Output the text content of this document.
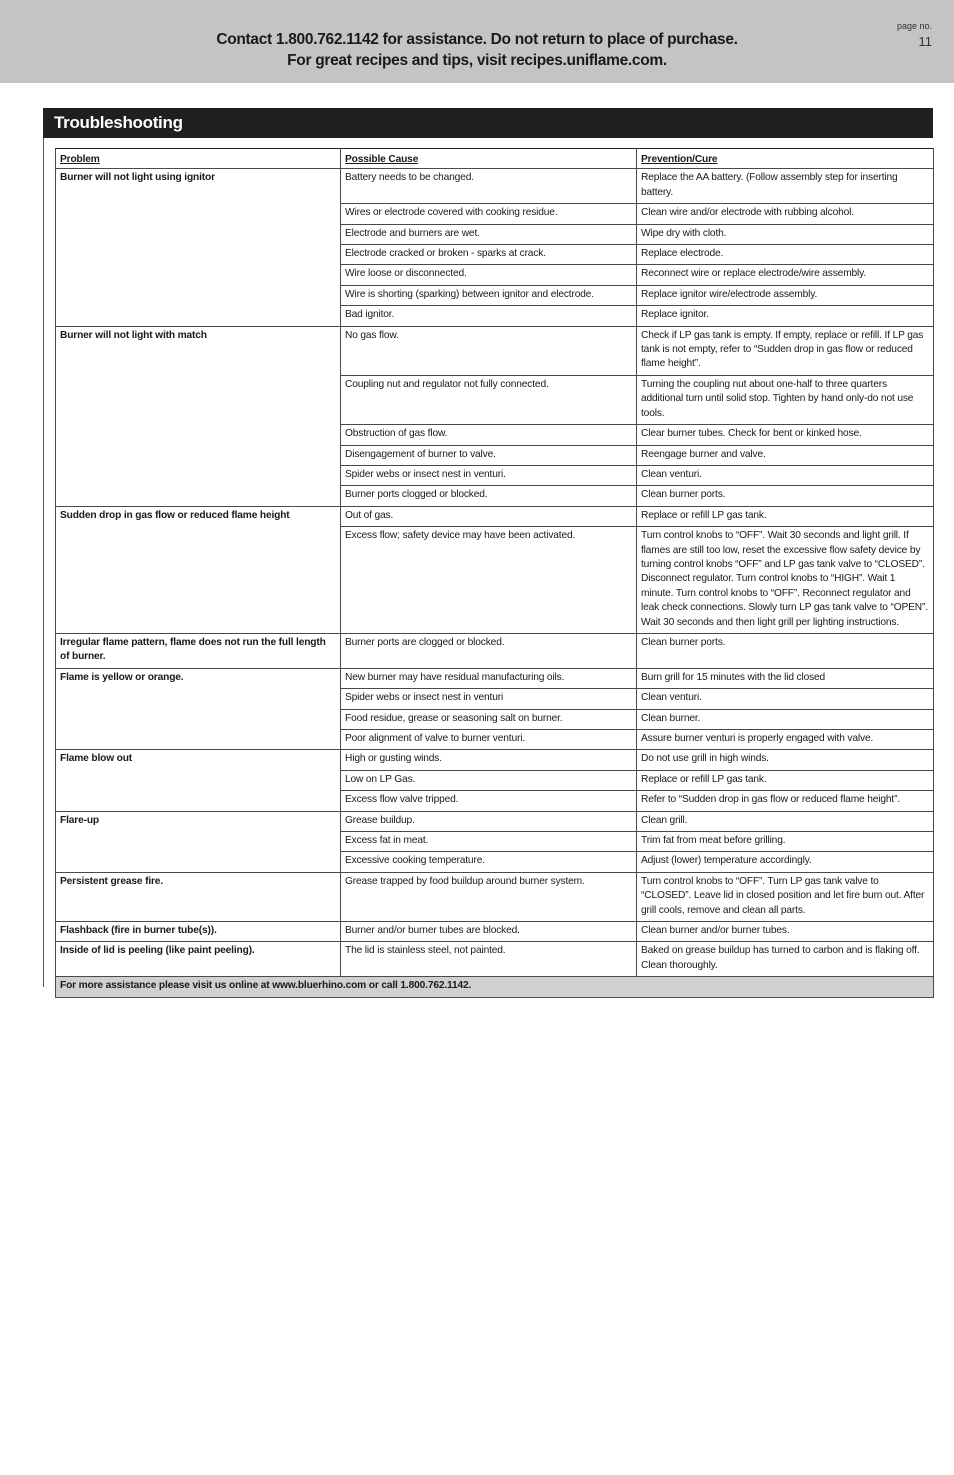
Contact 1.800.762.1142 for assistance. Do not return to place of purchase.
For great recipes and tips, visit recipes.uniflame.com.
page no.
11
Troubleshooting
Problem	Possible Cause	Prevention/Cure
Burner will not light using ignitor	Battery needs to be changed.	Replace the AA battery. (Follow assembly step for inserting battery.
	Wires or electrode covered with cooking residue.	Clean wire and/or electrode with rubbing alcohol.
	Electrode and burners are wet.	Wipe dry with cloth.
	Electrode cracked or broken - sparks at crack.	Replace electrode.
	Wire loose or disconnected.	Reconnect wire or replace electrode/wire assembly.
	Wire is shorting (sparking) between ignitor and electrode.	Replace ignitor wire/electrode assembly.
	Bad ignitor.	Replace ignitor.
Burner will not light with match	No gas flow.	Check if LP gas tank is empty. If empty, replace or refill. If LP gas tank is not empty, refer to “Sudden drop in gas flow or reduced flame height”.
	Coupling nut and regulator not fully connected.	Turning the coupling nut about one-half to three quarters additional turn until solid stop. Tighten by hand only-do not use tools.
	Obstruction of gas flow.	Clear burner tubes. Check for bent or kinked hose.
	Disengagement of burner to valve.	Reengage burner and valve.
	Spider webs or insect nest in venturi.	Clean venturi.
	Burner ports clogged or blocked.	Clean burner ports.
Sudden drop in gas flow or reduced flame height	Out of gas.	Replace or refill LP gas tank.
	Excess flow; safety device may have been activated.	Turn control knobs to “OFF”. Wait 30 seconds and light grill. If flames are still too low, reset the excessive flow safety device by turning control knobs “OFF” and LP gas tank valve to “CLOSED”. Disconnect regulator. Turn control knobs to “HIGH”. Wait 1 minute. Turn control knobs to “OFF”. Reconnect regulator and leak check connections. Slowly turn LP gas tank valve to “OPEN”. Wait 30 seconds and then light grill per lighting instructions.
Irregular flame pattern, flame does not run the full length of burner.	Burner ports are clogged or blocked.	Clean burner ports.
Flame is yellow or orange.	New burner may have residual manufacturing oils.	Burn grill for 15 minutes with the lid closed
	Spider webs or insect nest in venturi	Clean venturi.
	Food residue, grease or seasoning salt on burner.	Clean burner.
	Poor alignment of valve to burner venturi.	Assure burner venturi is properly engaged with valve.
Flame blow out	High or gusting winds.	Do not use grill in high winds.
	Low on LP Gas.	Replace or refill LP gas tank.
	Excess flow valve tripped.	Refer to “Sudden drop in gas flow or reduced flame height”.
Flare-up	Grease buildup.	Clean grill.
	Excess fat in meat.	Trim fat from meat before grilling.
	Excessive cooking temperature.	Adjust (lower) temperature accordingly.
Persistent grease fire.	Grease trapped by food buildup around burner system.	Turn control knobs to “OFF”. Turn LP gas tank valve to “CLOSED”. Leave lid in closed position and let fire burn out. After grill cools, remove and clean all parts.
Flashback (fire in burner tube(s)).	Burner and/or burner tubes are blocked.	Clean burner and/or burner tubes.
Inside of lid is peeling (like paint peeling).	The lid is stainless steel, not painted.	Baked on grease buildup has turned to carbon and is flaking off. Clean thoroughly.
For more assistance please visit us online at www.bluerhino.com or call 1.800.762.1142.		
